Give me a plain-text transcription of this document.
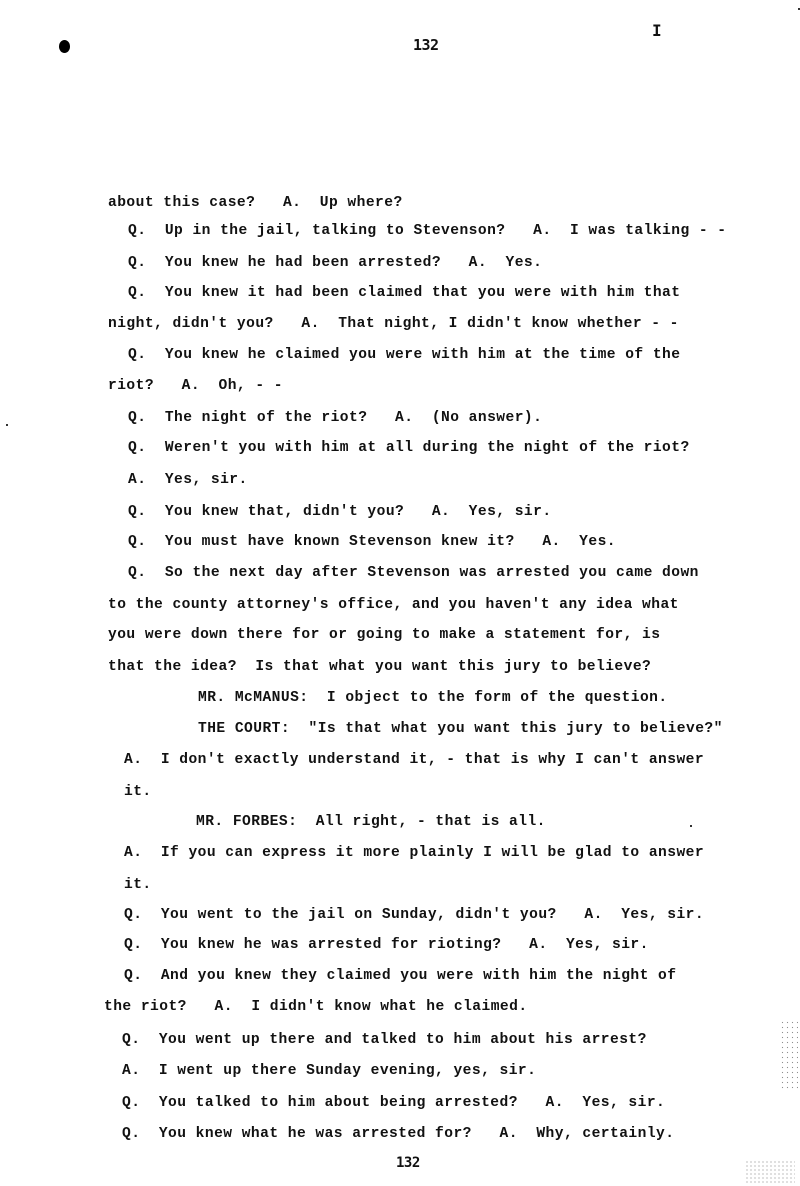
132
I
about this case?   A.  Up where?
Q.  Up in the jail, talking to Stevenson?   A.  I was talking - -
Q.  You knew he had been arrested?   A.  Yes.
Q.  You knew it had been claimed that you were with him that
night, didn't you?   A.  That night, I didn't know whether - -
Q.  You knew he claimed you were with him at the time of the
riot?   A.  Oh, - -
Q.  The night of the riot?   A.  (No answer).
Q.  Weren't you with him at all during the night of the riot?
A.  Yes, sir.
Q.  You knew that, didn't you?   A.  Yes, sir.
Q.  You must have known Stevenson knew it?   A.  Yes.
Q.  So the next day after Stevenson was arrested you came down
to the county attorney's office, and you haven't any idea what
you were down there for or going to make a statement for, is
that the idea?  Is that what you want this jury to believe?
MR. McMANUS:  I object to the form of the question.
THE COURT:  "Is that what you want this jury to believe?"
A.  I don't exactly understand it, - that is why I can't answer
it.
MR. FORBES:  All right, - that is all.
A.  If you can express it more plainly I will be glad to answer
it.
Q.  You went to the jail on Sunday, didn't you?   A.  Yes, sir.
Q.  You knew he was arrested for rioting?   A.  Yes, sir.
Q.  And you knew they claimed you were with him the night of
the riot?   A.  I didn't know what he claimed.
Q.  You went up there and talked to him about his arrest?
A.  I went up there Sunday evening, yes, sir.
Q.  You talked to him about being arrested?   A.  Yes, sir.
Q.  You knew what he was arrested for?   A.  Why, certainly.
132
